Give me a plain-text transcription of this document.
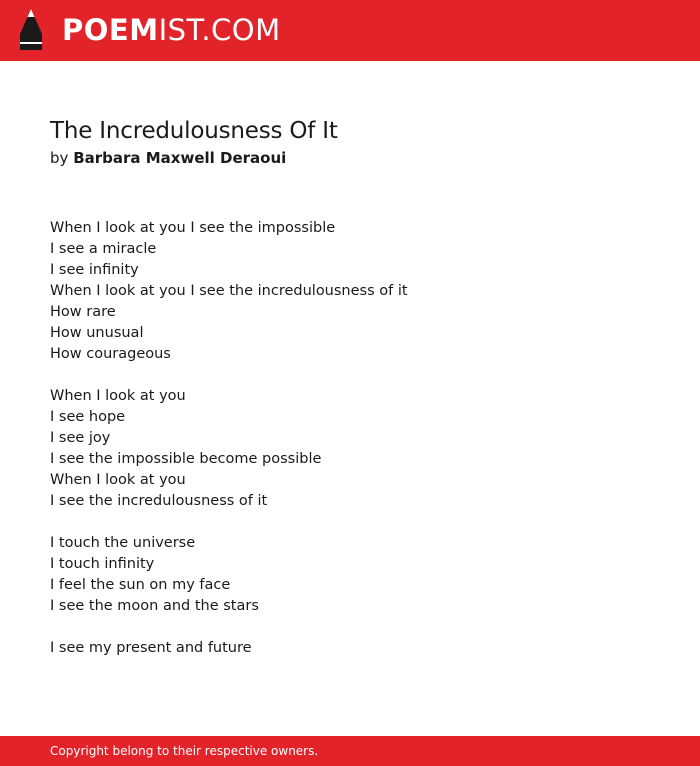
POEMIST.COM
The Incredulousness Of It
by Barbara Maxwell Deraoui
When I look at you I see the impossible
I see a miracle
I see infinity
When I look at you I see the incredulousness of it
How rare
How unusual
How courageous
When I look at you
I see hope
I see joy
I see the impossible become possible
When I look at you
I see the incredulousness of it
I touch the universe
I touch infinity
I feel the sun on my face
I see the moon and the stars
I see my present and future
Copyright belong to their respective owners.
